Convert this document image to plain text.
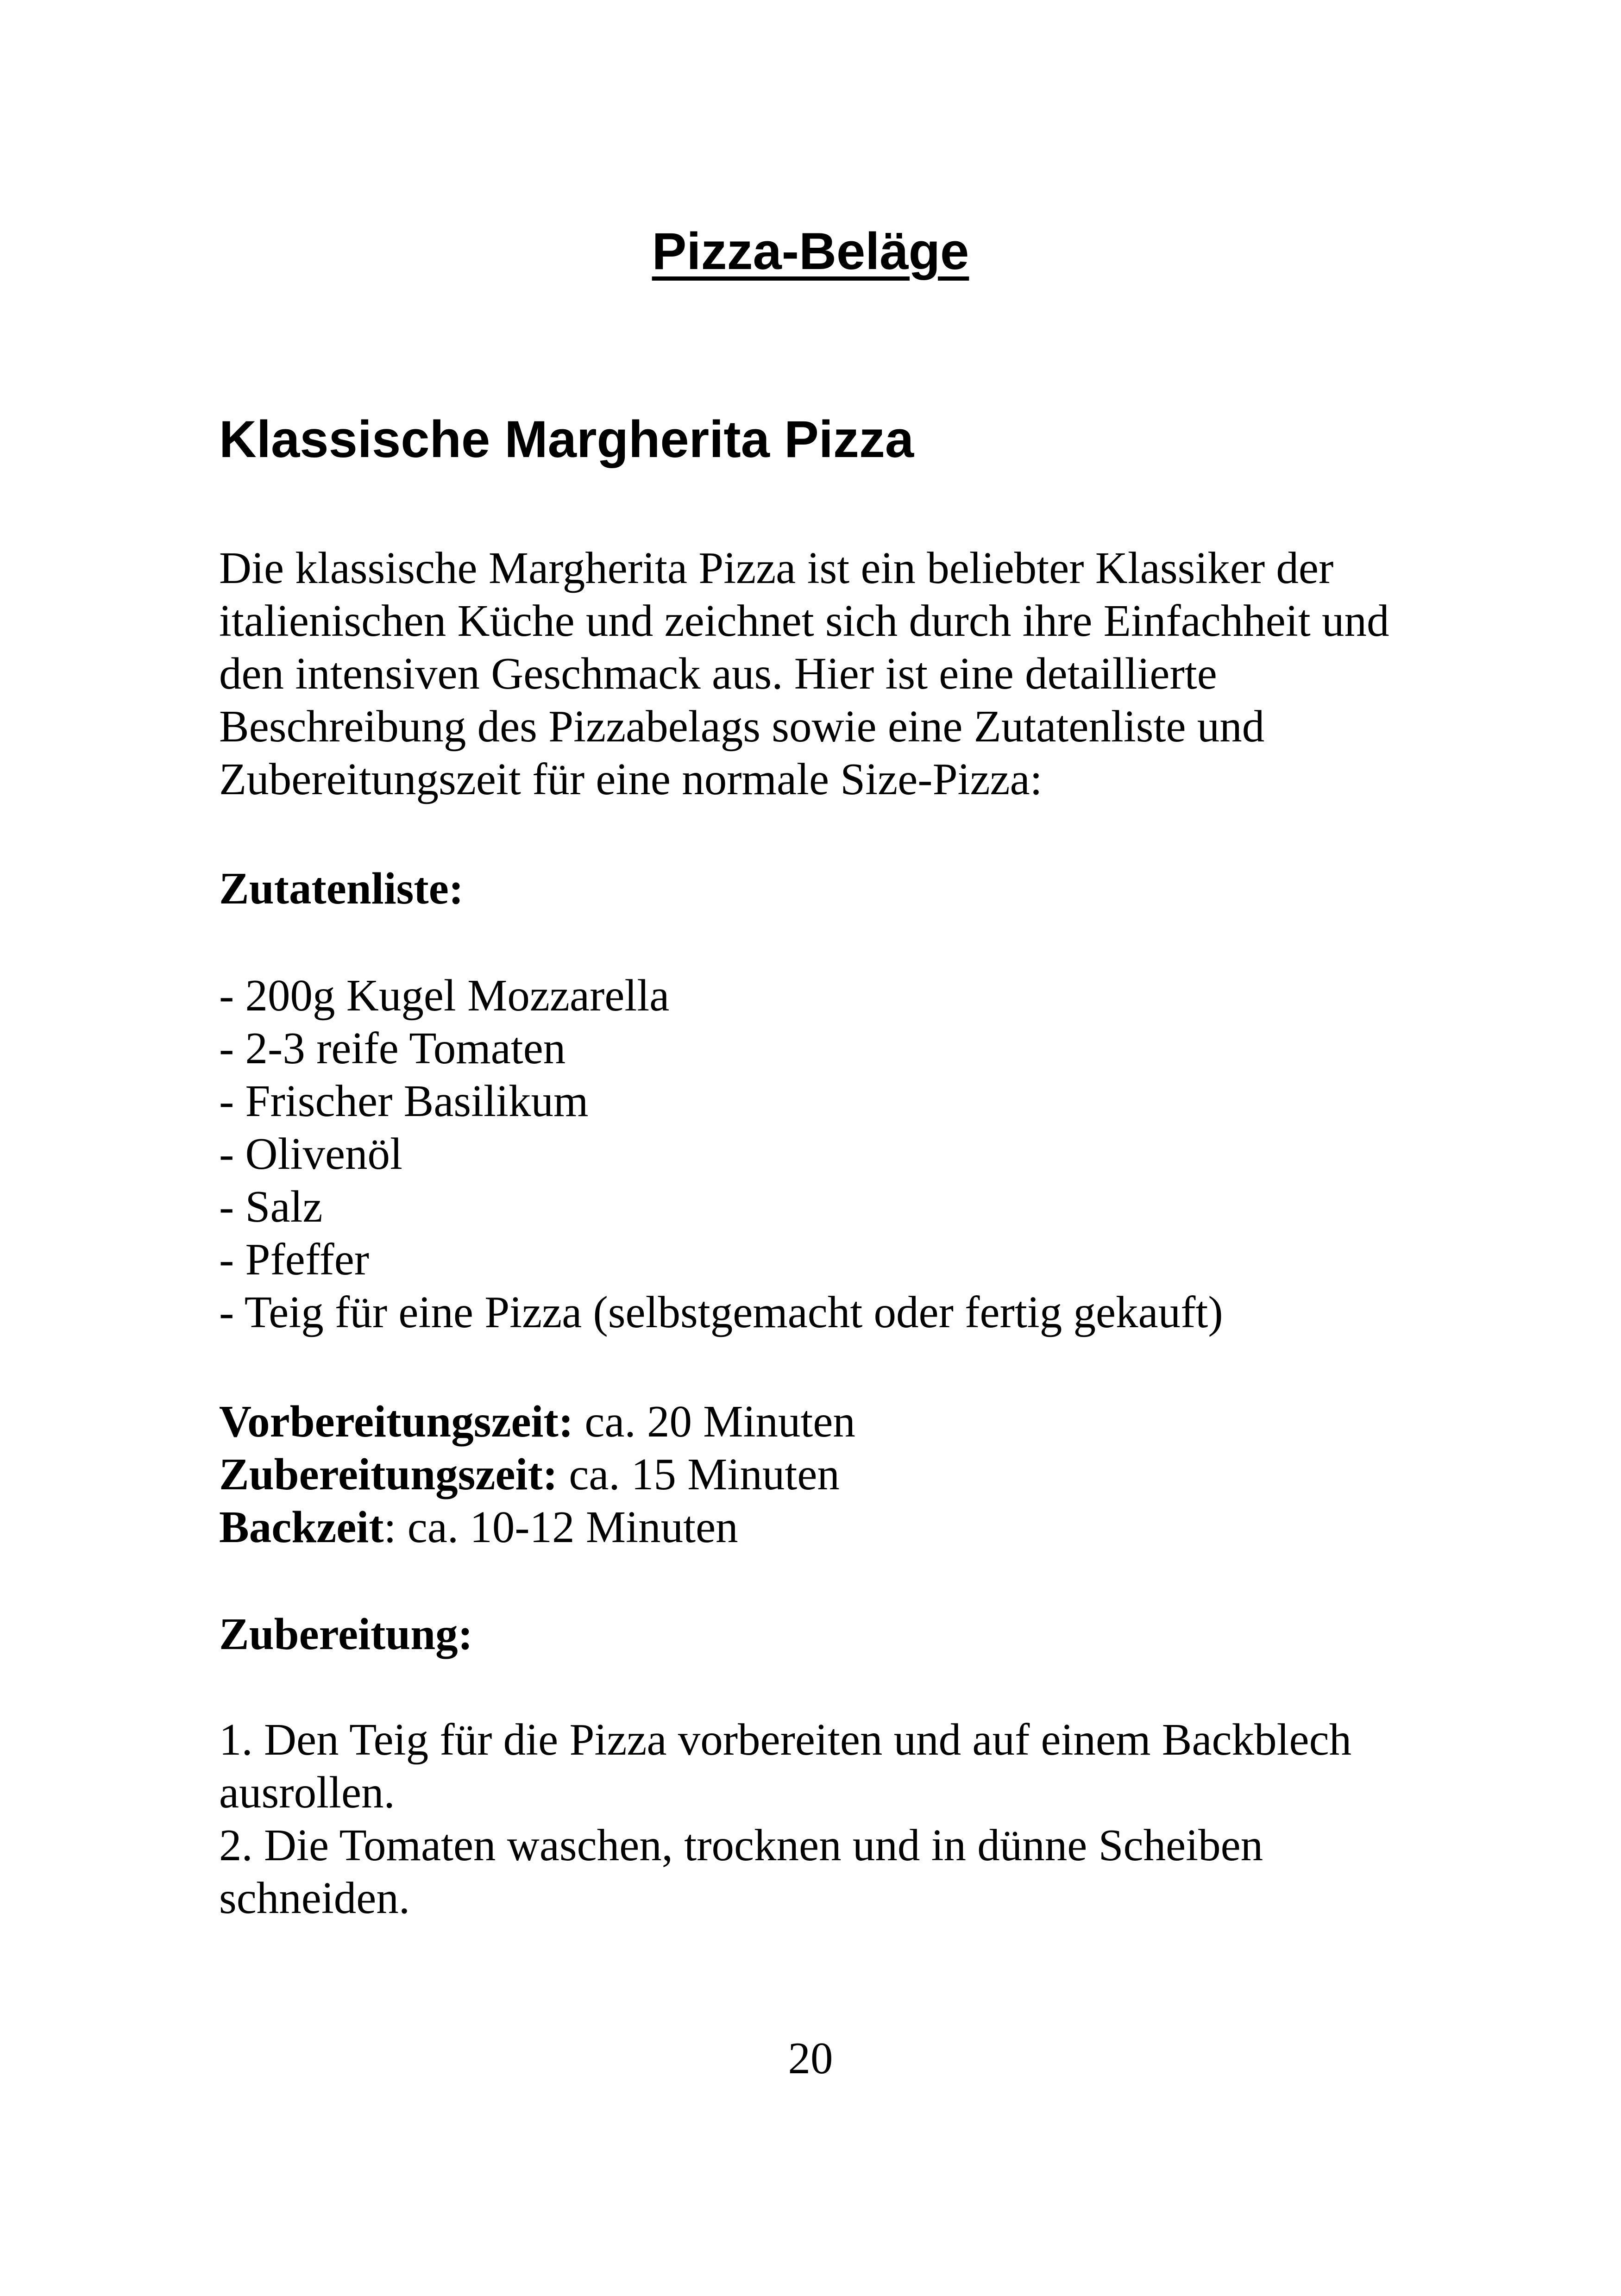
Pizza-Beläge
Klassische Margherita Pizza

Die klassische Margherita Pizza ist ein beliebter Klassiker der italienischen Küche und zeichnet sich durch ihre Einfachheit und den intensiven Geschmack aus. Hier ist eine detaillierte Beschreibung des Pizzabelags sowie eine Zutatenliste und Zubereitungszeit für eine normale Size-Pizza:

Zutatenliste:

- 200g Kugel Mozzarella
- 2-3 reife Tomaten
- Frischer Basilikum
- Olivenöl
- Salz
- Pfeffer
- Teig für eine Pizza (selbstgemacht oder fertig gekauft)
Vorbereitungszeit: ca. 20 Minuten
Zubereitungszeit: ca. 15 Minuten
Backzeit: ca. 10-12 Minuten

Zubereitung:

1. Den Teig für die Pizza vorbereiten und auf einem Backblech ausrollen.
2. Die Tomaten waschen, trocknen und in dünne Scheiben schneiden.

20
